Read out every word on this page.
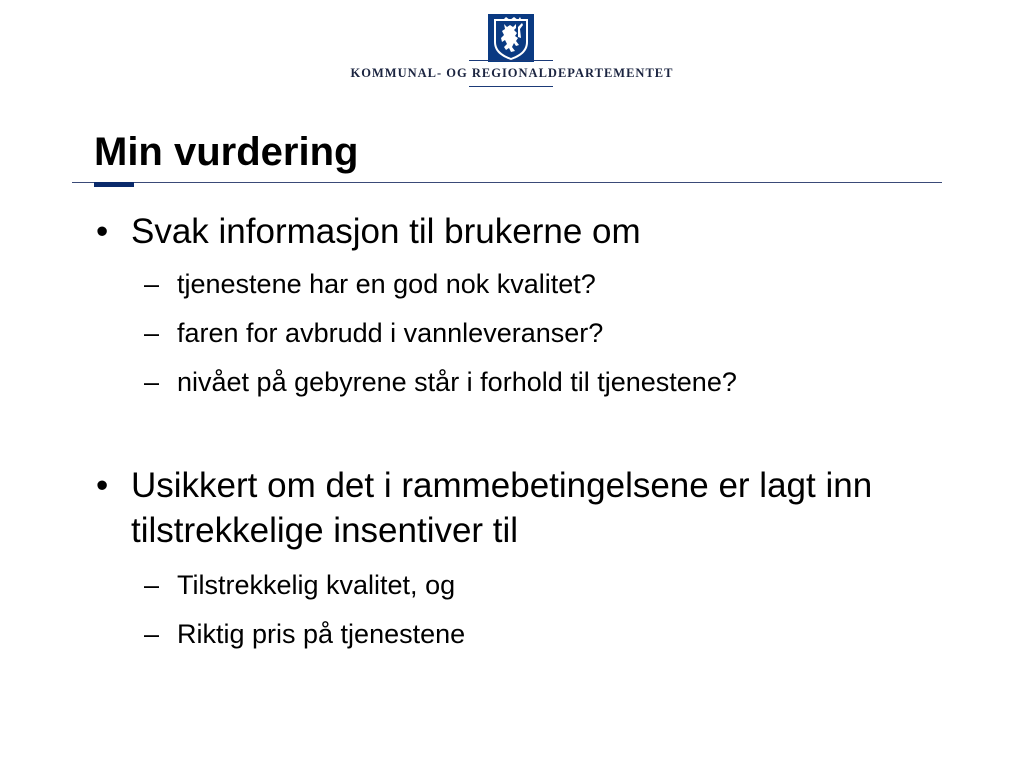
KOMMUNAL- OG REGIONALDEPARTEMENTET
Min vurdering
• Svak informasjon til brukerne om
– tjenestene har en god nok kvalitet?
– faren for avbrudd i vannleveranser?
– nivået på gebyrene står i forhold til tjenestene?
• Usikkert om det i rammebetingelsene er lagt inn tilstrekkelige insentiver til
– Tilstrekkelig kvalitet, og
– Riktig pris på tjenestene
